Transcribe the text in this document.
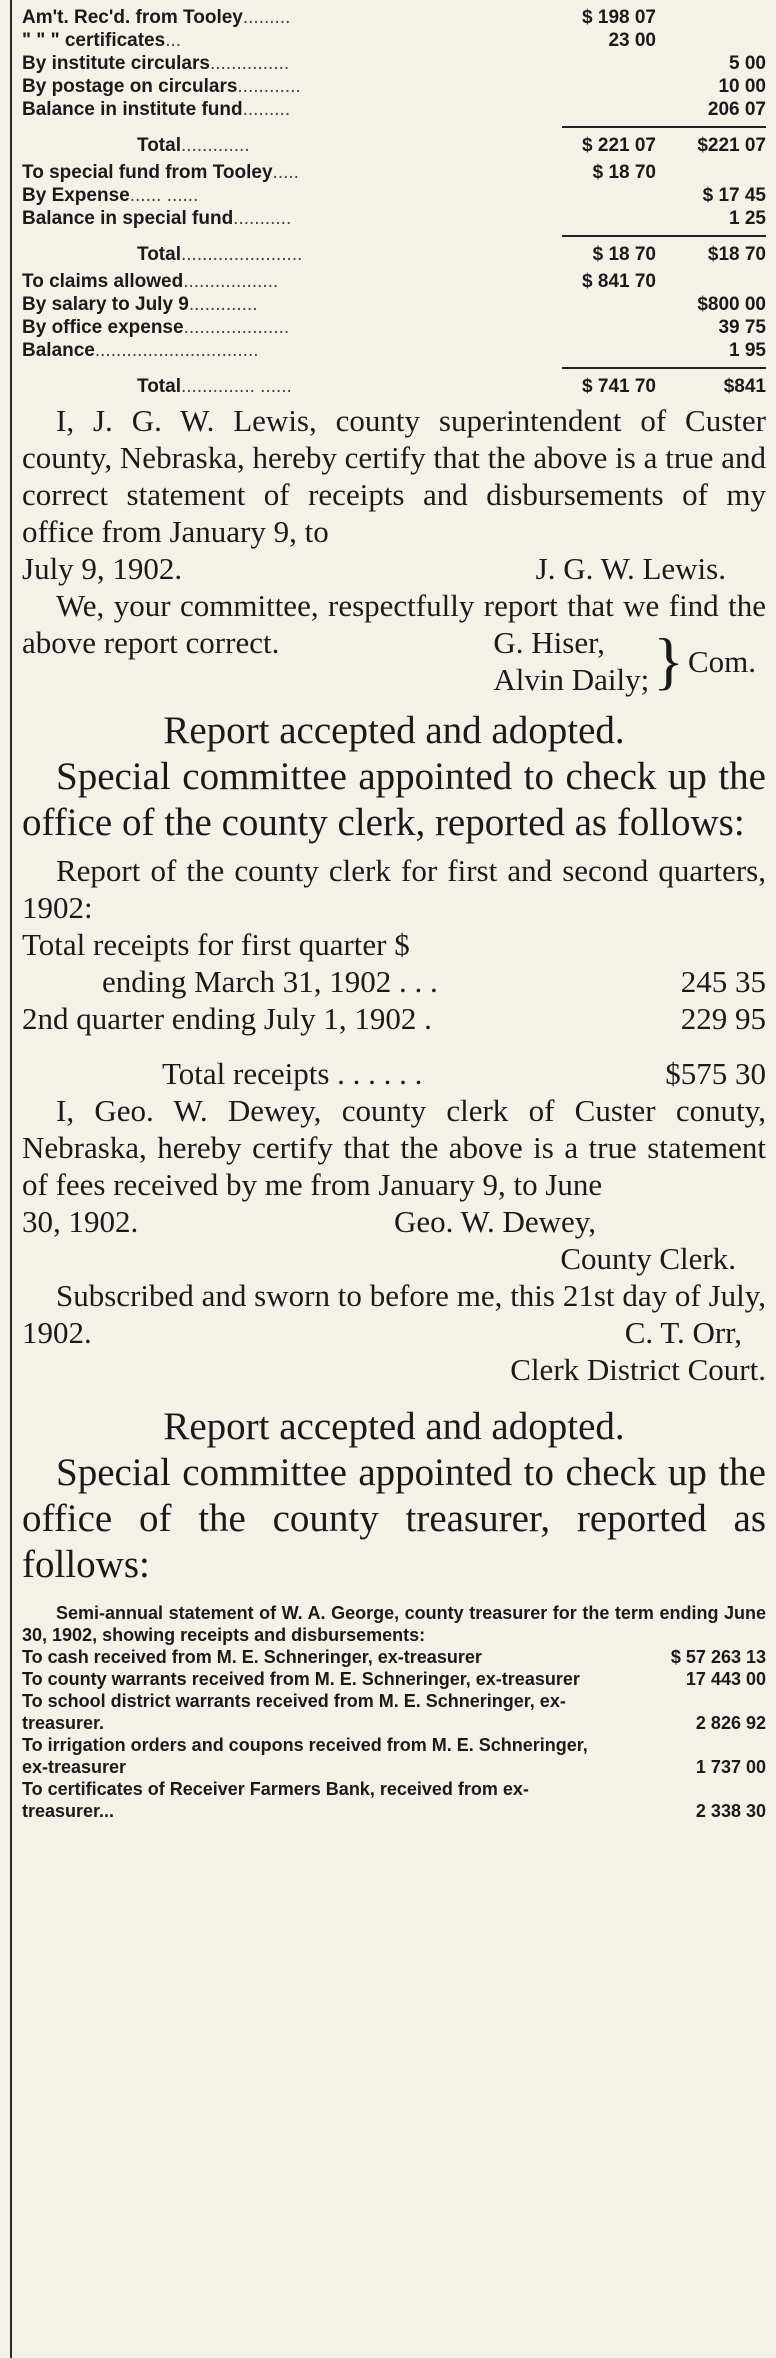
Am't. Rec'd. from Tooley.........	$ 198 07
" " " certificates...	23 00
By institute circulars...............	5 00
By postage on circulars............	10 00
Balance in institute fund.........	206 07
Total.............	$ 221 07	$221 07
To special fund from Tooley.....	$ 18 70
By Expense...... ......	$ 17 45
Balance in special fund...........	1 25
Total.......................	$ 18 70	$18 70
To claims allowed..................	$ 841 70
By salary to July 9.............	$800 00
By office expense....................	39 75
Balance...............................	1 95
Total.............. ......	$ 741 70	$841

I, J. G. W. Lewis, county superintendent of Custer county, Nebraska, hereby certify that the above is a true and correct statement of receipts and disbursements of my office from January 9, to

July 9, 1902.	J. G. W. Lewis.

We, your committee, respectfully report that we find the above report correct.	G. Hiser,
Alvin Daily; } Com.
Report accepted and adopted.

Special committee appointed to check up the office of the county clerk, reported as follows:

Report of the county clerk for first and second quarters, 1902:

Total receipts for first quarter $
ending March 31, 1902 . . .	245 35
2nd quarter ending July 1, 1902 .	229 95
Total receipts . . . . . .	$575 30

I, Geo. W. Dewey, county clerk of Custer conuty, Nebraska, hereby certify that the above is a true statement of fees received by me from January 9, to June

30, 1902.	Geo. W. Dewey,
County Clerk.

Subscribed and sworn to before me, this 21st day of July, 1902.	C. T. Orr,
Clerk District Court.
Report accepted and adopted.

Special committee appointed to check up the office of the county treasurer, reported as follows:

Semi-annual statement of W. A. George, county treasurer for the term ending June 30, 1902, showing receipts and disbursements:

To cash received from M. E. Schneringer, ex-treasurer	$ 57 263 13
To county warrants received from M. E. Schneringer, ex-treasurer	17 443 00
To school district warrants received from M. E. Schneringer, ex-treasurer.	2 826 92
To irrigation orders and coupons received from M. E. Schneringer, ex-treasurer	1 737 00
To certificates of Receiver Farmers Bank, received from ex-treasurer...	2 338 30
